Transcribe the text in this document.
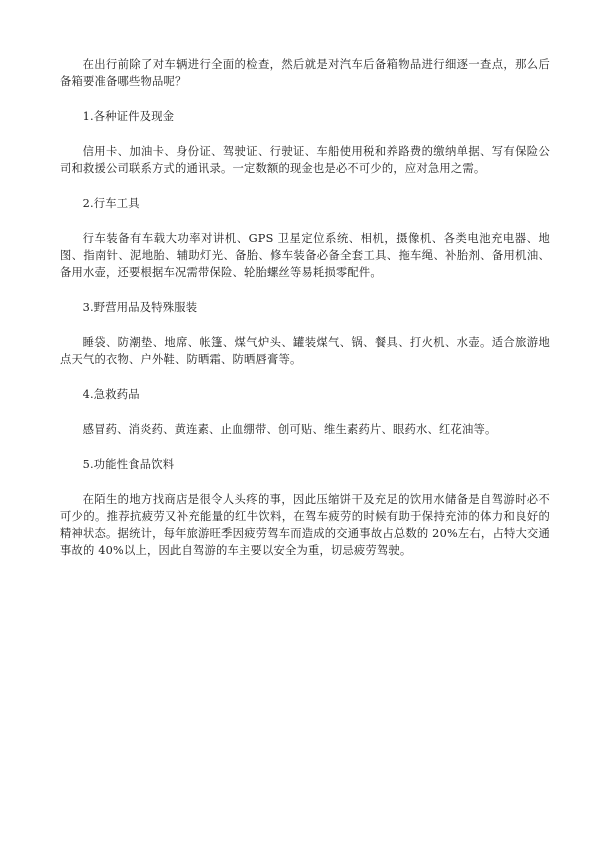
在出行前除了对车辆进行全面的检查，然后就是对汽车后备箱物品进行细逐一查点，那么后备箱要准备哪些物品呢？

1.各种证件及现金

信用卡、加油卡、身份证、驾驶证、行驶证、车船使用税和养路费的缴纳单据、写有保险公司和救援公司联系方式的通讯录。一定数额的现金也是必不可少的，应对急用之需。

2.行车工具

行车装备有车载大功率对讲机、GPS 卫星定位系统、相机，摄像机、各类电池充电器、地图、指南针、泥地胎、辅助灯光、备胎、修车装备必备全套工具、拖车绳、补胎剂、备用机油、备用水壶，还要根据车况需带保险、轮胎螺丝等易耗损零配件。

3.野营用品及特殊服装

睡袋、防潮垫、地席、帐篷、煤气炉头、罐装煤气、锅、餐具、打火机、水壶。适合旅游地点天气的衣物、户外鞋、防晒霜、防晒唇膏等。

4.急救药品

感冒药、消炎药、黄连素、止血绷带、创可贴、维生素药片、眼药水、红花油等。

5.功能性食品饮料

在陌生的地方找商店是很令人头疼的事，因此压缩饼干及充足的饮用水储备是自驾游时必不可少的。推荐抗疲劳又补充能量的红牛饮料，在驾车疲劳的时候有助于保持充沛的体力和良好的精神状态。据统计，每年旅游旺季因疲劳驾车而造成的交通事故占总数的 20%左右，占特大交通事故的 40%以上，因此自驾游的车主要以安全为重，切忌疲劳驾驶。
